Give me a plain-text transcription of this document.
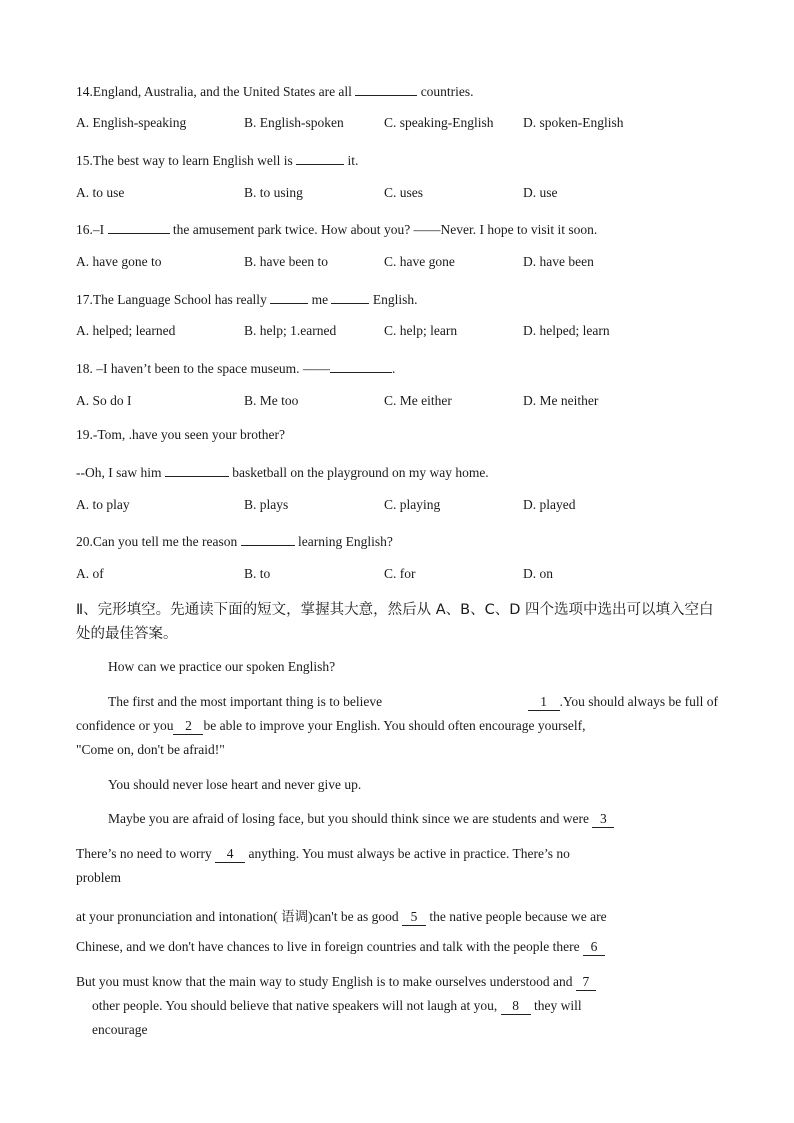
14.England, Australia, and the United States are all	countries.
A. English-speaking	B. English-spoken	C. speaking-English D. spoken-English
15.The best way to learn English well is	it.
A. to use	B. to using	C. uses	D. use
16.–I	the amusement park twice. How about you? ——Never. I hope to visit it soon.
A. have gone to	B. have been to	C. have gone	D. have been
17.The Language School has really	me	English.
A. helped; learned	B. help; 1.earned	C. help; learn	D. helped; learn
18. –I haven’t been to the space museum. ——	.
A. So do I	B. Me too	C. Me either	D. Me neither
19.-Tom, .have you seen your brother?
--Oh, I saw him	basketball on the playground on my way home.
A. to play	B. plays	C. playing	D. played
20.Can you tell me the reason	learning English?
A. of	B. to	C. for	D. on
Ⅱ、完形填空。先通读下面的短文，掌握其大意，然后从 A、B、C、D 四个选项中选出可以填入空白处的最佳答案。
How can we practice our spoken English?
The first and the most important thing is to believe	1 .You should always be full of
confidence or you 2 be able to improve your English. You should often encourage yourself,
"Come on, don't be afraid!"
You should never lose heart and never give up.
Maybe you are afraid of losing face, but you should think since we are students and were 3
There’s no need to worry 4 anything. You must always be active in practice. There’s no
problem
at your pronunciation and intonation( 语调)can't be as good 5 the native people because we are
Chinese, and we don't have chances to live in foreign countries and talk with the people there 6
But you must know that the main way to study English is to make ourselves understood and 7
other people. You should believe that native speakers will not laugh at you, 8 they will
encourage
